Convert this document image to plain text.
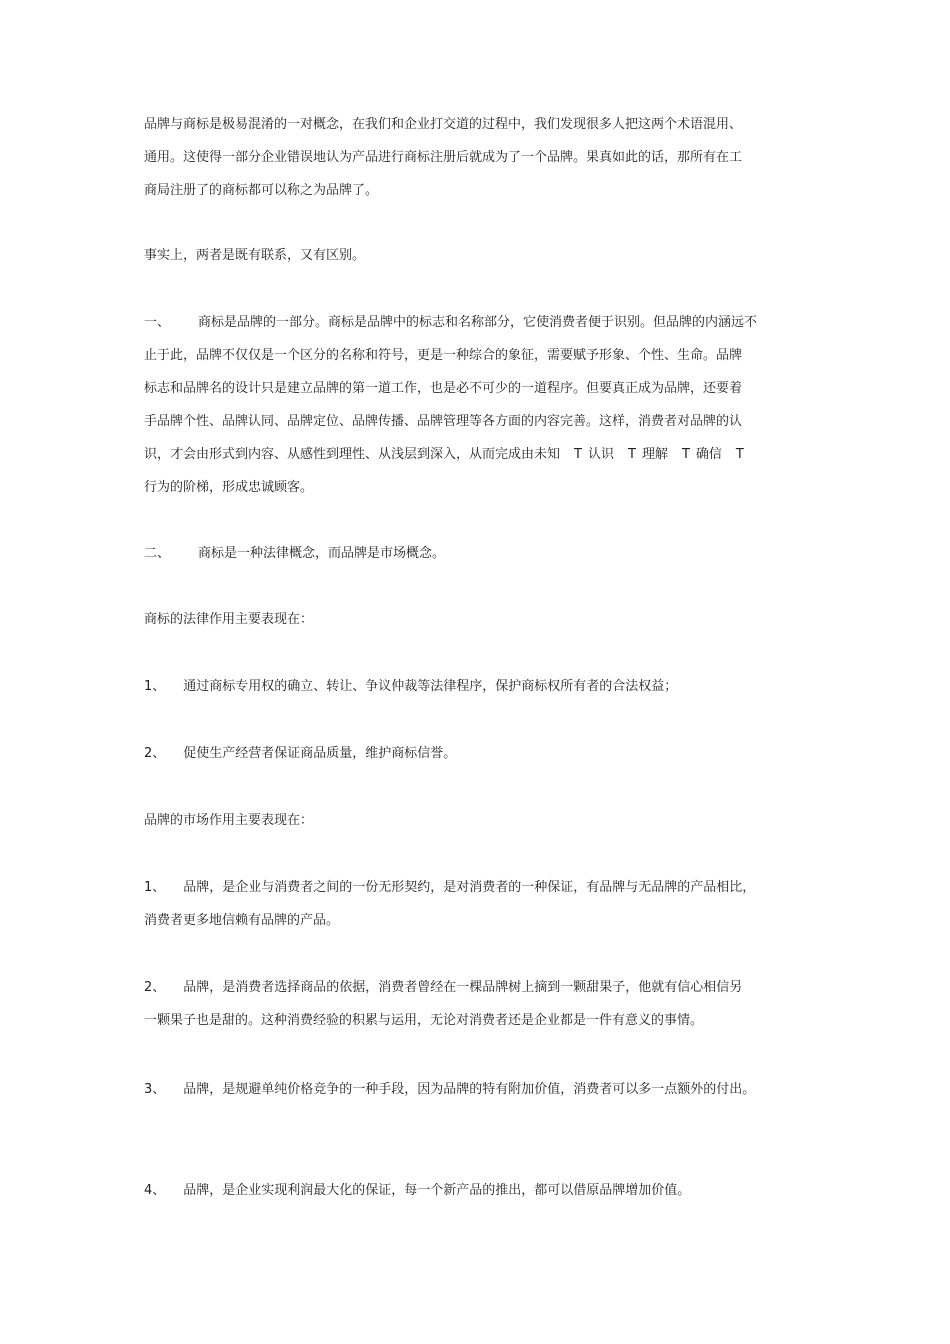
品牌与商标是极易混淆的一对概念，在我们和企业打交道的过程中，我们发现很多人把这两个术语混用、
通用。这使得一部分企业错误地认为产品进行商标注册后就成为了一个品牌。果真如此的话，那所有在工
商局注册了的商标都可以称之为品牌了。
事实上，两者是既有联系，又有区别。
一、 商标是品牌的一部分。商标是品牌中的标志和名称部分，它使消费者便于识别。但品牌的内涵远不
止于此，品牌不仅仅是一个区分的名称和符号，更是一种综合的象征，需要赋予形象、个性、生命。品牌
标志和品牌名的设计只是建立品牌的第一道工作，也是必不可少的一道程序。但要真正成为品牌，还要着
手品牌个性、品牌认同、品牌定位、品牌传播、品牌管理等各方面的内容完善。这样，消费者对品牌的认
识，才会由形式到内容、从感性到理性、从浅层到深入，从而完成由未知 T 认识 T 理解 T 确信 T
行为的阶梯，形成忠诚顾客。
二、 商标是一种法律概念，而品牌是市场概念。
商标的法律作用主要表现在：
1、 通过商标专用权的确立、转让、争议仲裁等法律程序，保护商标权所有者的合法权益；
2、 促使生产经营者保证商品质量，维护商标信誉。
品牌的市场作用主要表现在：
1、 品牌，是企业与消费者之间的一份无形契约，是对消费者的一种保证，有品牌与无品牌的产品相比，
消费者更多地信赖有品牌的产品。
2、 品牌，是消费者选择商品的依据，消费者曾经在一棵品牌树上摘到一颗甜果子，他就有信心相信另
一颗果子也是甜的。这种消费经验的积累与运用，无论对消费者还是企业都是一件有意义的事情。
3、 品牌，是规避单纯价格竞争的一种手段，因为品牌的特有附加价值，消费者可以多一点额外的付出。
4、 品牌，是企业实现利润最大化的保证，每一个新产品的推出，都可以借原品牌增加价值。
